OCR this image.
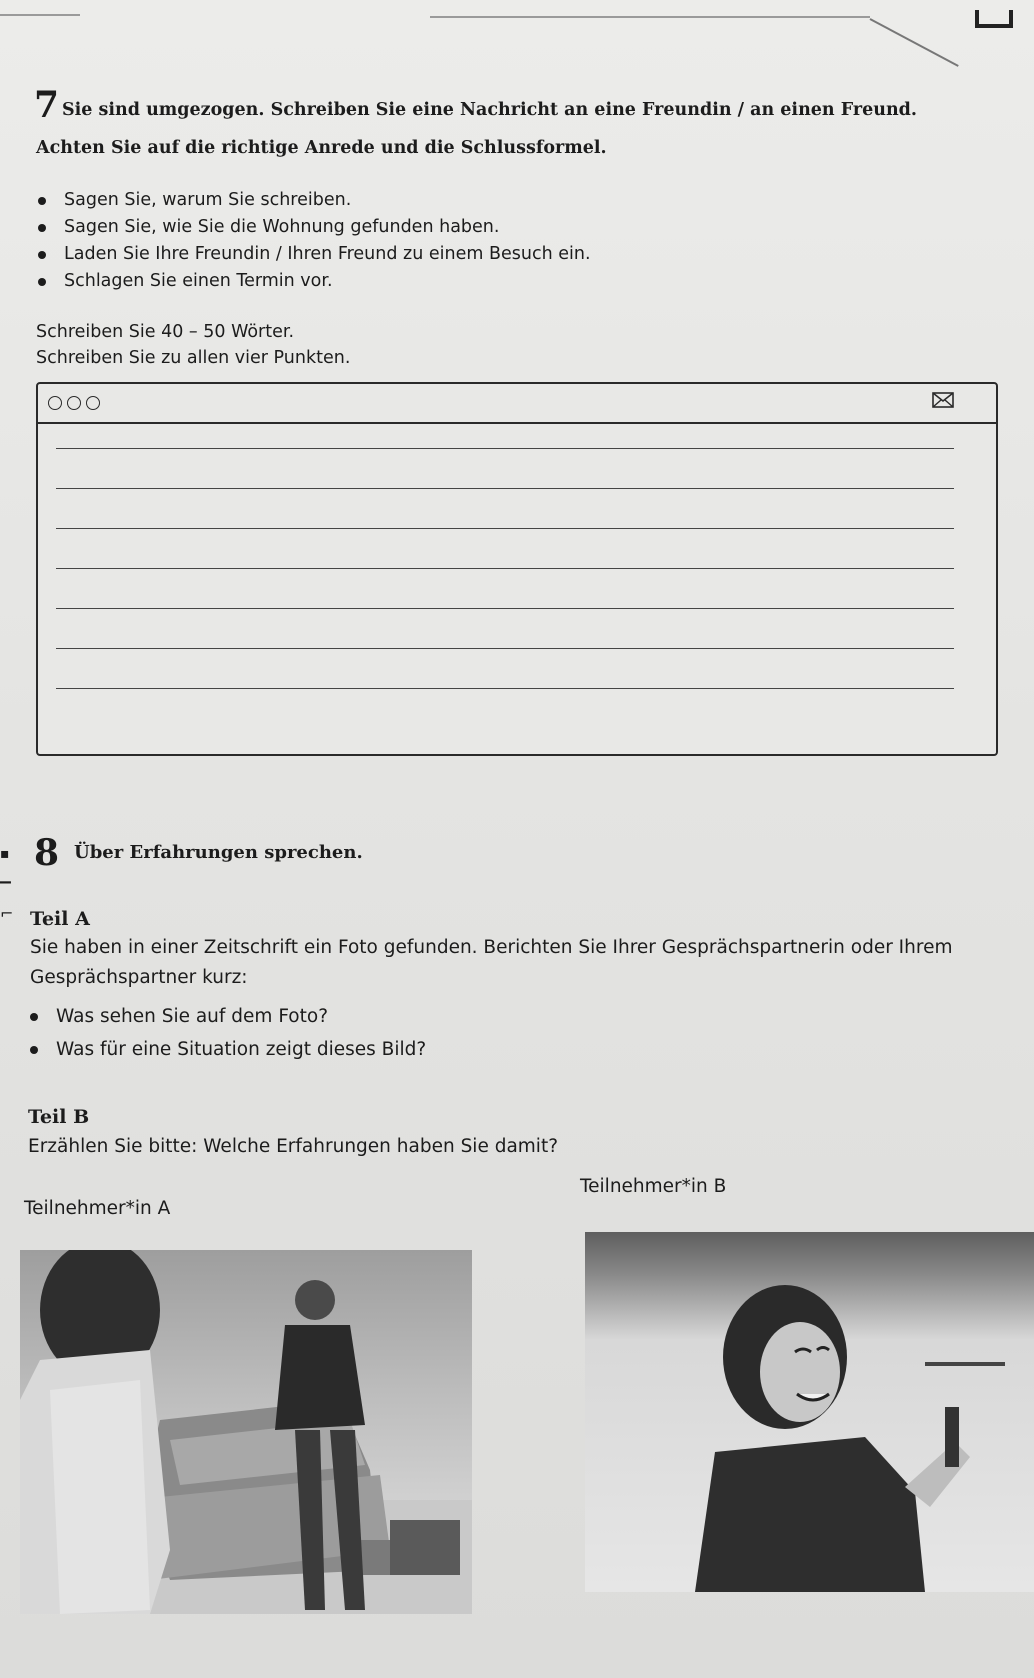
7 Sie sind umgezogen. Schreiben Sie eine Nachricht an eine Freundin / an einen Freund.
Achten Sie auf die richtige Anrede und die Schlussformel.
Sagen Sie, warum Sie schreiben.
Sagen Sie, wie Sie die Wohnung gefunden haben.
Laden Sie Ihre Freundin / Ihren Freund zu einem Besuch ein.
Schlagen Sie einen Termin vor.
Schreiben Sie 40 – 50 Wörter.
Schreiben Sie zu allen vier Punkten.
▪
▁
⌐
8 Über Erfahrungen sprechen.
Teil A
Sie haben in einer Zeitschrift ein Foto gefunden. Berichten Sie Ihrer Gesprächspartnerin oder Ihrem
Gesprächspartner kurz:
Was sehen Sie auf dem Foto?
Was für eine Situation zeigt dieses Bild?
Teil B
Erzählen Sie bitte: Welche Erfahrungen haben Sie damit?
Teilnehmer*in B
Teilnehmer*in A
